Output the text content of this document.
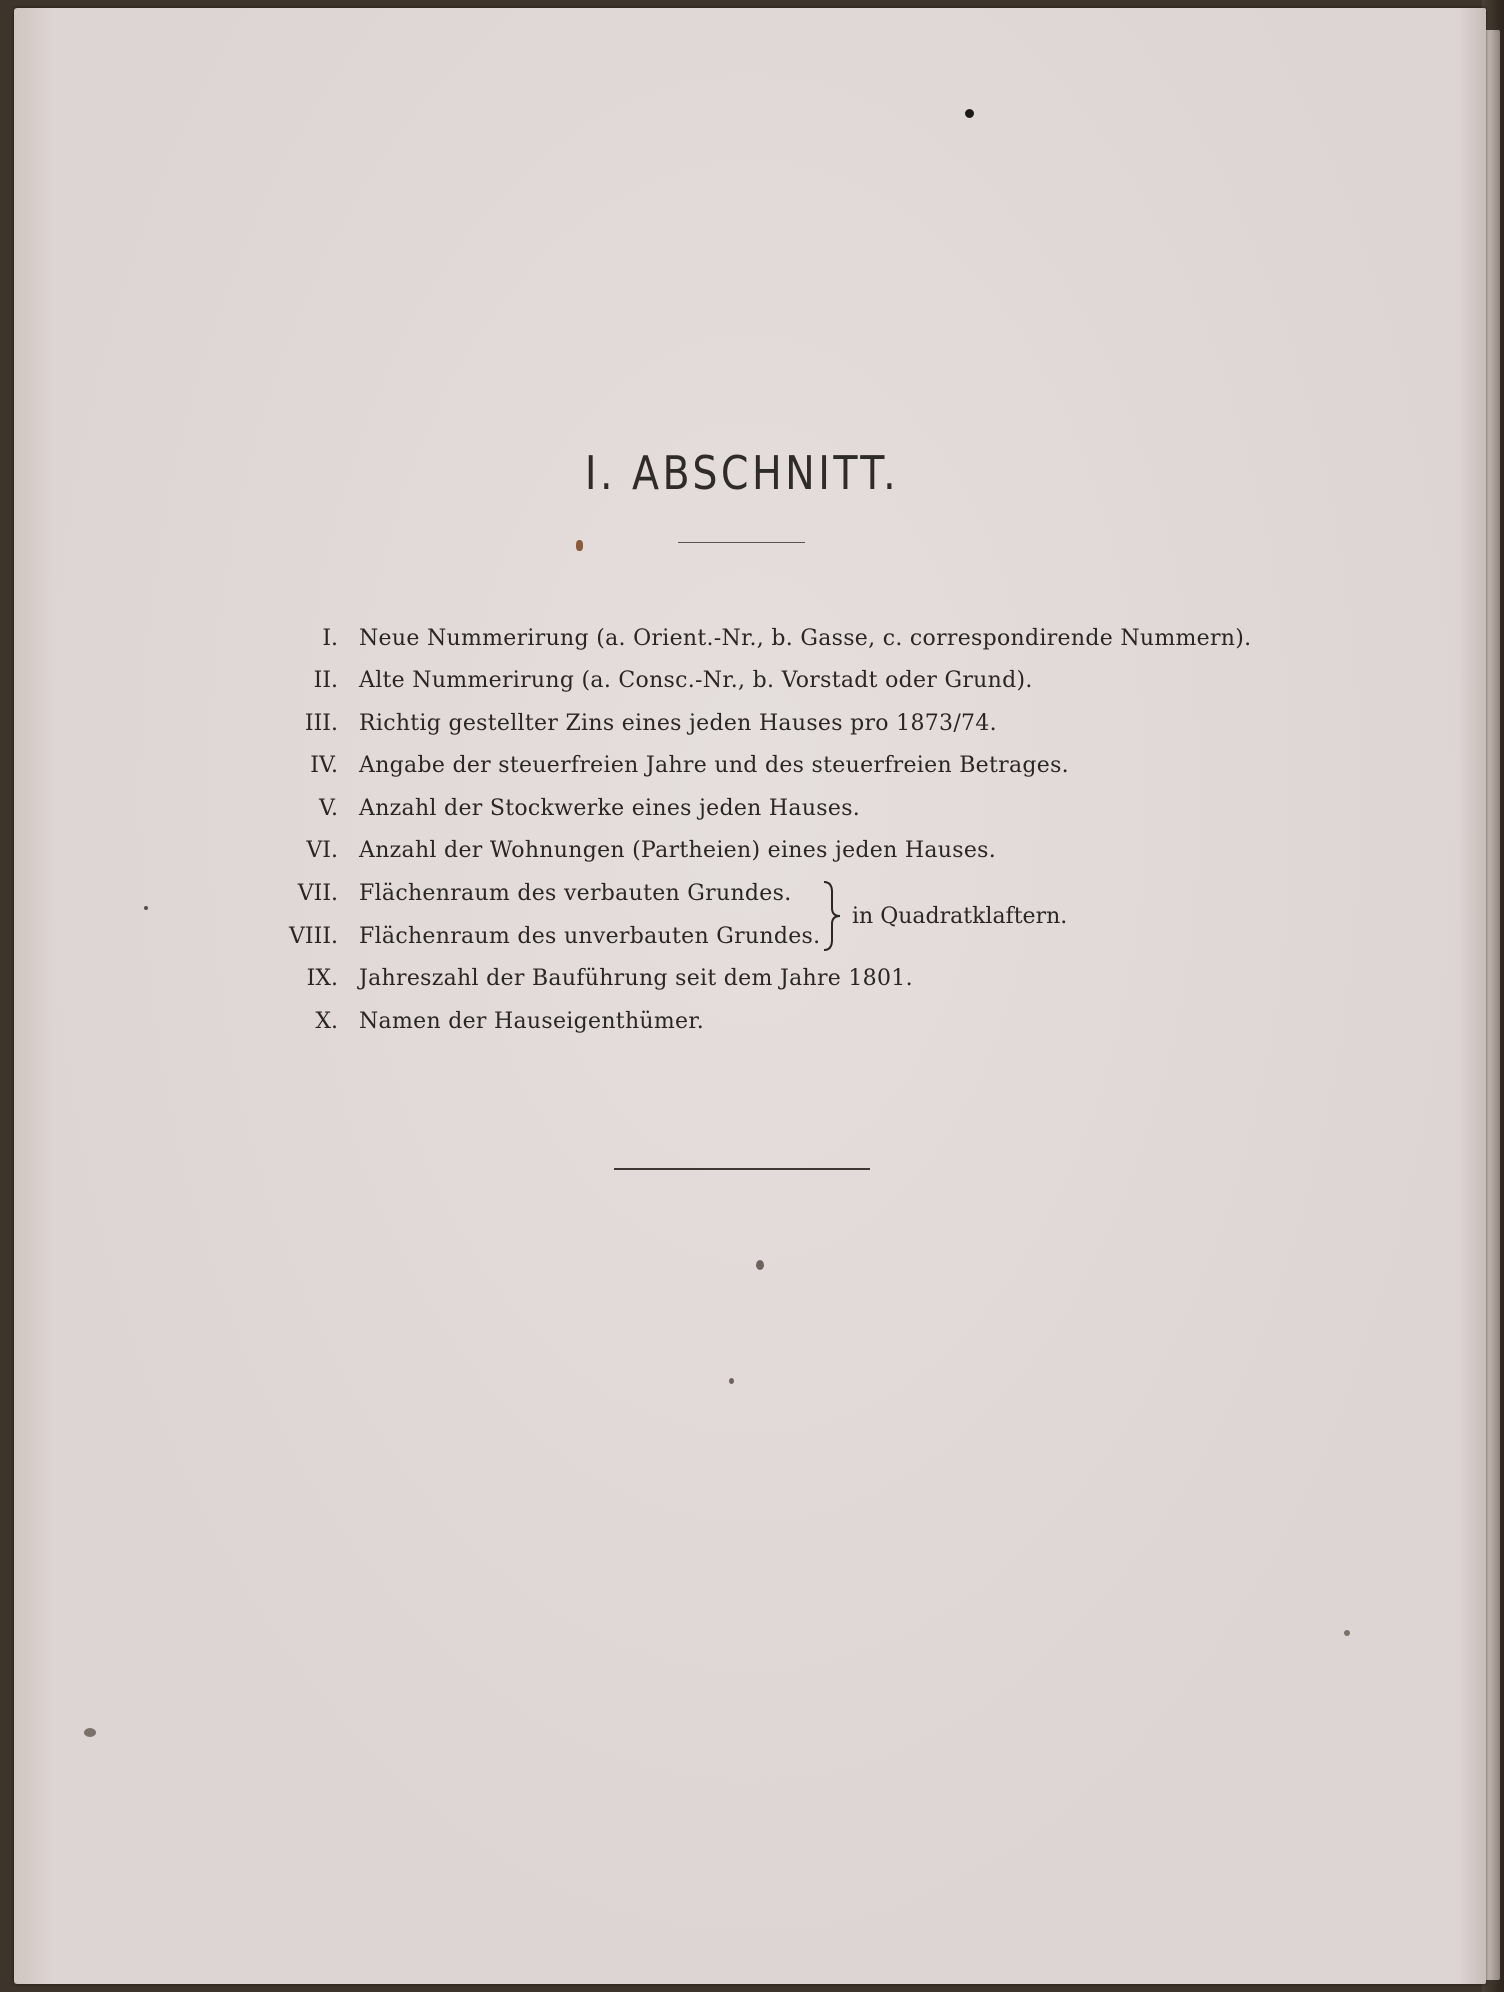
I. ABSCHNITT.
I. Neue Nummerirung (a. Orient.-Nr., b. Gasse, c. correspondirende Nummern).
II. Alte Nummerirung (a. Consc.-Nr., b. Vorstadt oder Grund).
III. Richtig gestellter Zins eines jeden Hauses pro 1873/74.
IV. Angabe der steuerfreien Jahre und des steuerfreien Betrages.
V. Anzahl der Stockwerke eines jeden Hauses.
VI. Anzahl der Wohnungen (Partheien) eines jeden Hauses.
VII. Flächenraum des verbauten Grundes.
VIII. Flächenraum des unverbauten Grundes.
IX. Jahreszahl der Bauführung seit dem Jahre 1801.
X. Namen der Hauseigenthümer.
in Quadratklaftern.
